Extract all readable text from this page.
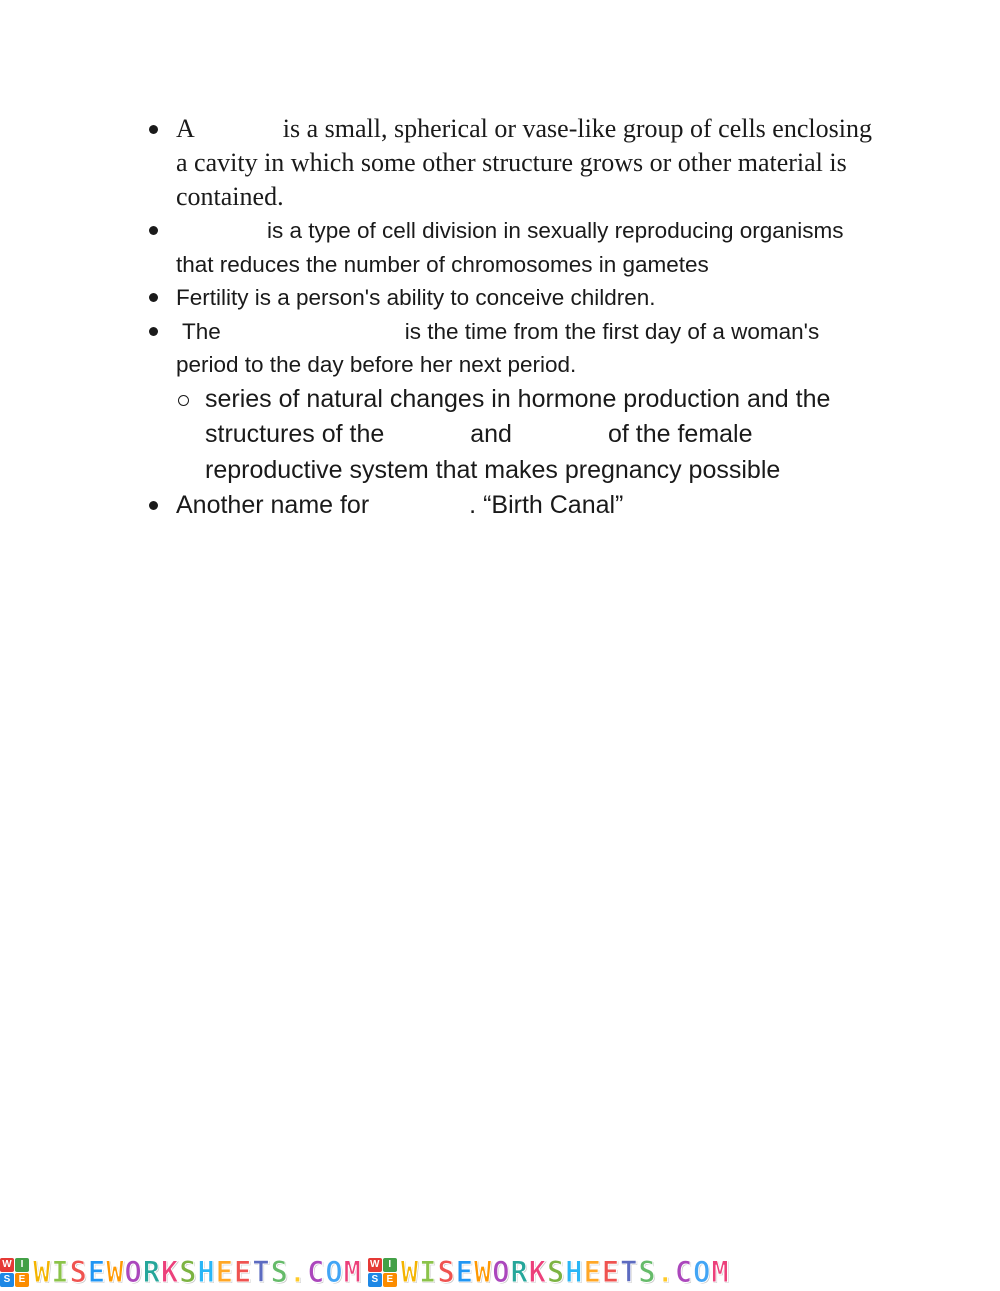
A	is a small, spherical or vase-like group of cells enclosing a cavity in which some other structure grows or other material is contained.
is a type of cell division in sexually reproducing organisms that reduces the number of chromosomes in gametes
Fertility is a person's ability to conceive children.
The	is the time from the first day of a woman's period to the day before her next period.
series of natural changes in hormone production and the structures of the	and	of the female reproductive system that makes pregnancy possible
Another name for	. “Birth Canal”
W I
S E WISEWORKSHEETS.COM W I
S E WISEWORKSHEETS.COM
